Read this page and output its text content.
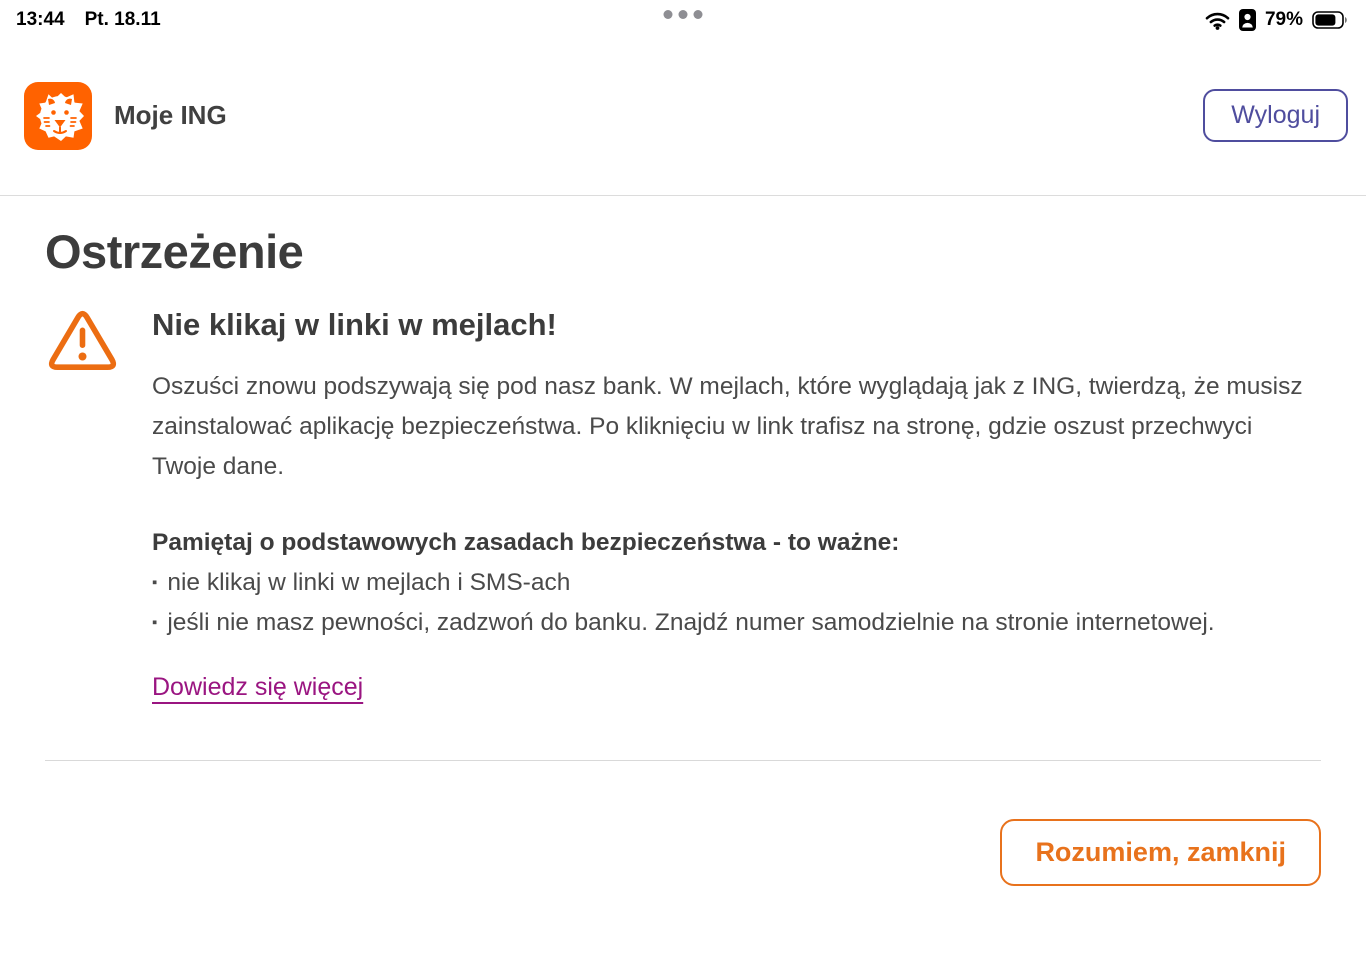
13:44 Pt. 18.11	79%
Moje ING	Wyloguj
Ostrzeżenie
Nie klikaj w linki w mejlach!

Oszuści znowu podszywają się pod nasz bank. W mejlach, które wyglądają jak z ING, twierdzą, że musisz zainstalować aplikację bezpieczeństwa. Po kliknięciu w link trafisz na stronę, gdzie oszust przechwyci Twoje dane.

Pamiętaj o podstawowych zasadach bezpieczeństwa - to ważne:
▪ nie klikaj w linki w mejlach i SMS-ach
▪ jeśli nie masz pewności, zadzwoń do banku. Znajdź numer samodzielnie na stronie internetowej.
Dowiedz się więcej
Rozumiem, zamknij
